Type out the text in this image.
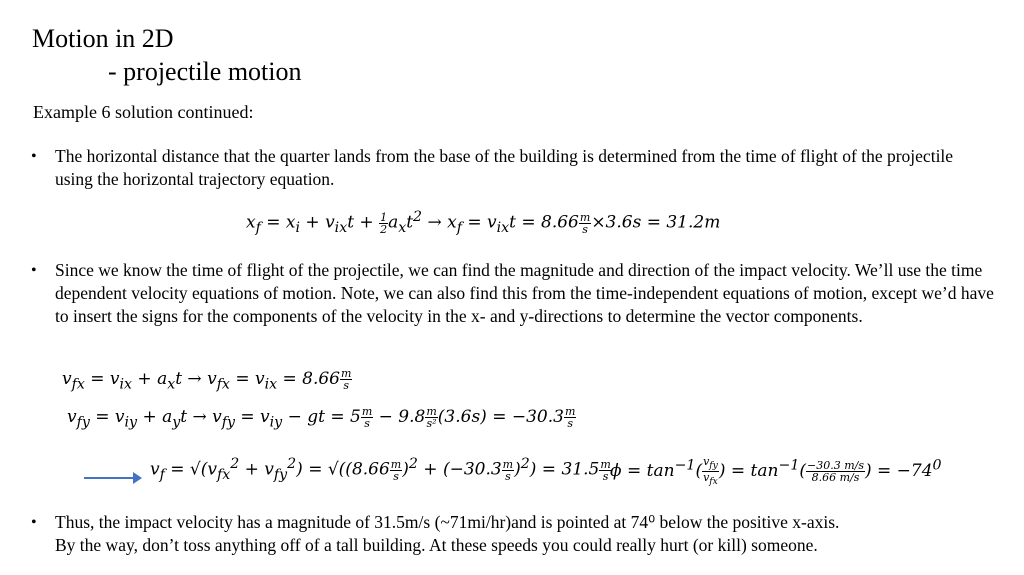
Motion in 2D
- projectile motion
Example 6 solution continued:
• The horizontal distance that the quarter lands from the base of the building is determined from the time of flight of the projectile using the horizontal trajectory equation.
$x_f = x_i + v_{ix}t + \frac{1}{2} a_xt^2 \to x_f = v_{ix}t = 8.66 \frac{m}{s} \times 3.6s = 31.2m$
• Since we know the time of flight of the projectile, we can find the magnitude and direction of the impact velocity. We’ll use the time dependent velocity equations of motion. Note, we can also find this from the time-independent equations of motion, except we’d have to insert the signs for the components of the velocity in the x- and y-directions to determine the vector components.
$v_{fx} = v_{ix} + a_xt \to v_{fx} = v_{ix} = 8.66 \frac{m}{s}$
$v_{fy} = v_{iy} + a_yt \to v_{fy} = v_{iy}$ − gt = $5 \frac{m}{s} - 9.8 \frac{m}{\text{s²}} (3.6s) = -30.3 \frac{m}{s}$
$v_f = √(v_{fx}^2 + v_{fy}^2) = √((8.66 \frac{m}{s} )^2 + (-30.3 \frac{m}{s} )^2) = 31.5 \frac{m}{s}$
$\phi = \tan^{-1}( \frac{v_{fy}}{v_{fx}}$ ) = $\tan^{-1}( \frac{-30.3 m/s}{8.66 m/s}$ ) = $-74^0$
• Thus, the impact velocity has a magnitude of 31.5m/s (~71mi/hr)and is pointed at 74⁰ below the positive x-axis.
By the way, don’t toss anything off of a tall building. At these speeds you could really hurt (or kill) someone.
